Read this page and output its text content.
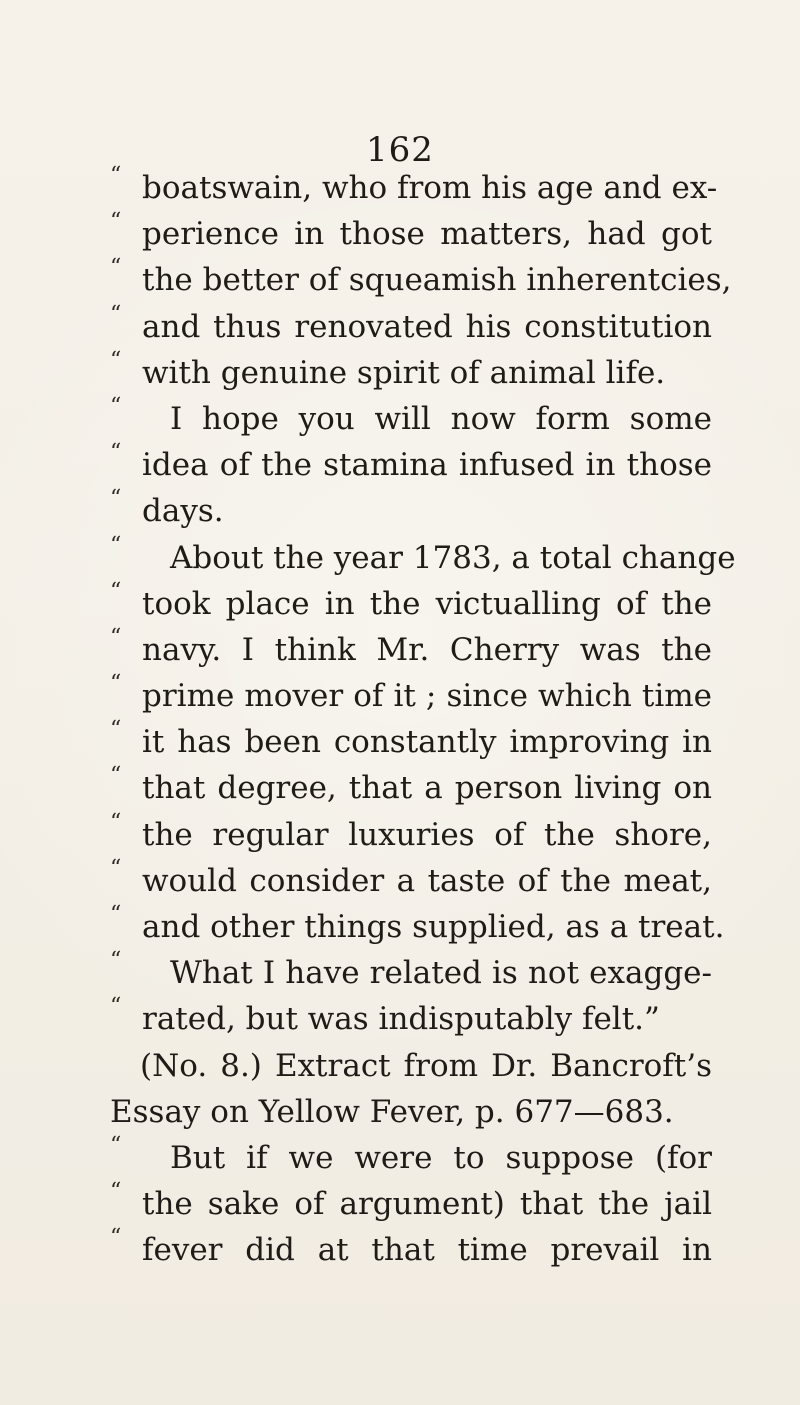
162
“ boatswain, who from his age and ex-
“ perience in those matters, had got
“ the better of squeamish inherentcies,
“ and thus renovated his constitution
“ with genuine spirit of animal life.
“	I hope you will now form some
“ idea of the stamina infused in those
“ days.
“	About the year 1783, a total change
“ took place in the victualling of the
“ navy. I think Mr. Cherry was the
“ prime mover of it ; since which time
“ it has been constantly improving in
“ that degree, that a person living on
“ the regular luxuries of the shore,
“ would consider a taste of the meat,
“ and other things supplied, as a treat.
“	What I have related is not exagge-
“ rated, but was indisputably felt.”
(No. 8.) Extract from Dr. Bancroft’s
Essay on Yellow Fever, p. 677—683.
“	But if we were to suppose (for
“ the sake of argument) that the jail
“ fever did at that time prevail in
